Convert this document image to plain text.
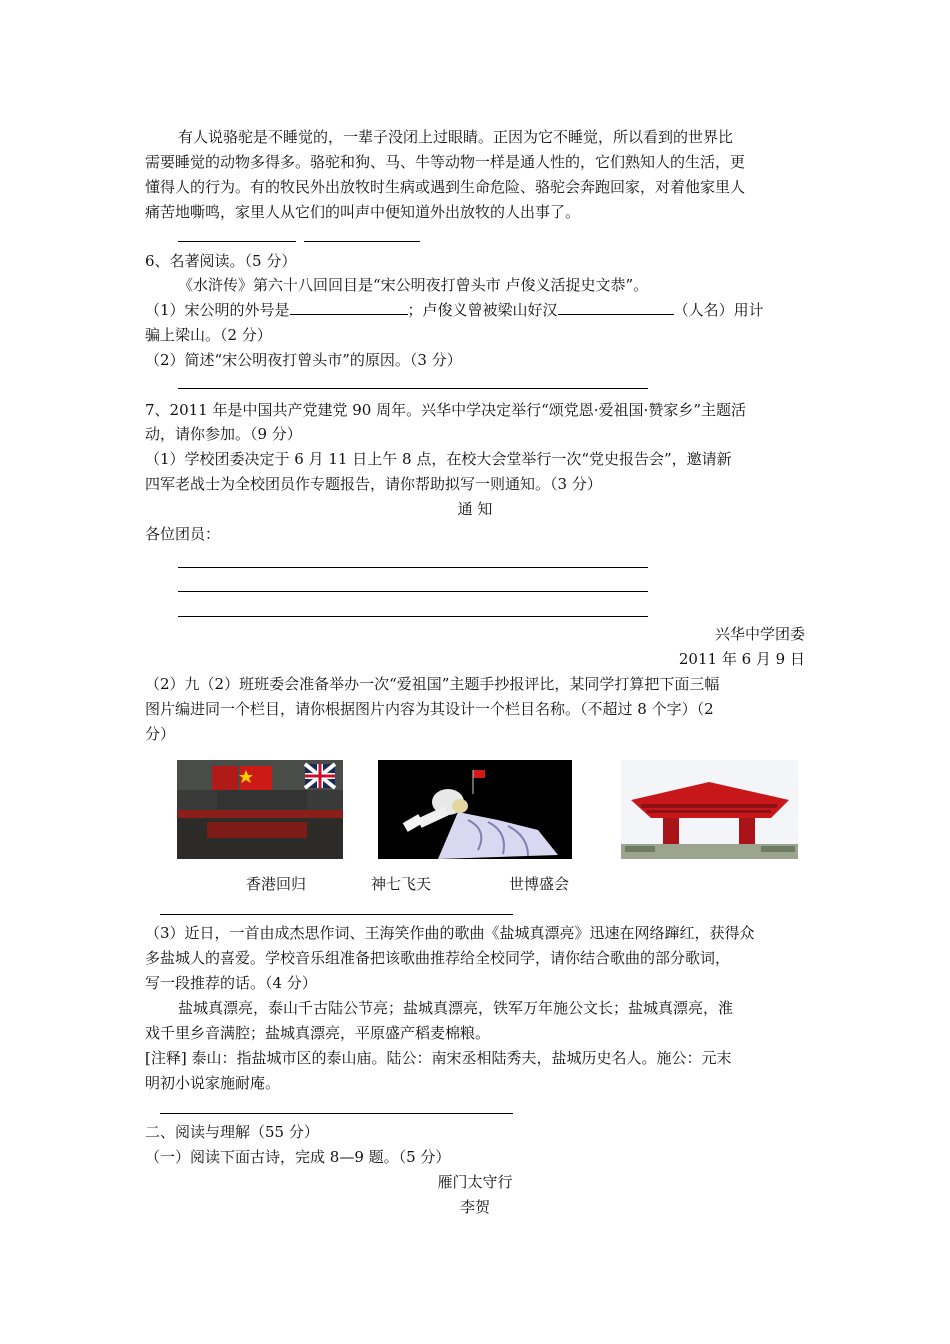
有人说骆驼是不睡觉的，一辈子没闭上过眼睛。正因为它不睡觉，所以看到的世界比

需要睡觉的动物多得多。骆驼和狗、马、牛等动物一样是通人性的，它们熟知人的生活，更

懂得人的行为。有的牧民外出放牧时生病或遇到生命危险、骆驼会奔跑回家，对着他家里人

痛苦地嘶鸣，家里人从它们的叫声中便知道外出放牧的人出事了。

6、名著阅读。（5 分）

《水浒传》第六十八回回目是“宋公明夜打曾头市 卢俊义活捉史文恭”。

（1）宋公明的外号是	；卢俊义曾被梁山好汉	（人名）用计

骗上梁山。（2 分）

（2）简述“宋公明夜打曾头市”的原因。（3 分）

7、2011 年是中国共产党建党 90 周年。兴华中学决定举行“颂党恩·爱祖国·赞家乡”主题活

动，请你参加。（9 分）

（1）学校团委决定于 6 月 11 日上午 8 点，在校大会堂举行一次“党史报告会”，邀请新

四军老战士为全校团员作专题报告，请你帮助拟写一则通知。（3 分）

通 知

各位团员：

兴华中学团委
2011 年 6 月 9 日

（2）九（2）班班委会准备举办一次“爱祖国”主题手抄报评比，某同学打算把下面三幅

图片编进同一个栏目，请你根据图片内容为其设计一个栏目名称。（不超过 8 个字）（2

分）

香港回归	神七飞天	世博盛会

（3）近日，一首由成杰思作词、王海笑作曲的歌曲《盐城真漂亮》迅速在网络蹿红，获得众

多盐城人的喜爱。学校音乐组准备把该歌曲推荐给全校同学，请你结合歌曲的部分歌词，

写一段推荐的话。（4 分）

盐城真漂亮，泰山千古陆公节亮；盐城真漂亮，铁军万年施公文长；盐城真漂亮，淮

戏千里乡音满腔；盐城真漂亮，平原盛产稻麦棉粮。

[注释] 泰山：指盐城市区的泰山庙。陆公：南宋丞相陆秀夫，盐城历史名人。施公：元末

明初小说家施耐庵。

二、阅读与理解（55 分）

（一）阅读下面古诗，完成 8—9 题。（5 分）

雁门太守行
李贺
